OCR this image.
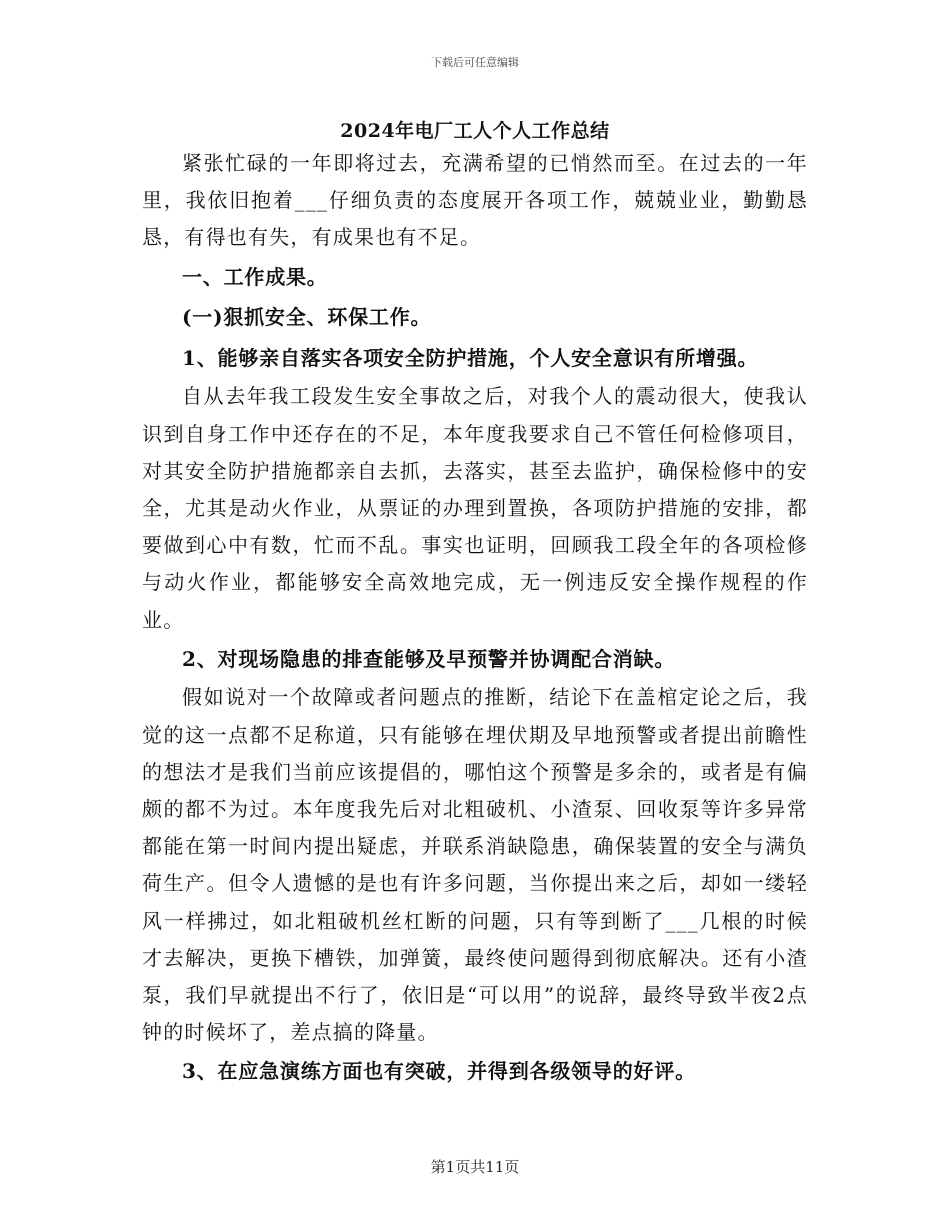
下载后可任意编辑
2024年电厂工人个人工作总结

紧张忙碌的一年即将过去，充满希望的已悄然而至。在过去的一年里，我依旧抱着___仔细负责的态度展开各项工作，兢兢业业，勤勤恳恳，有得也有失，有成果也有不足。

一、工作成果。

(一)狠抓安全、环保工作。

1、能够亲自落实各项安全防护措施，个人安全意识有所增强。

自从去年我工段发生安全事故之后，对我个人的震动很大，使我认识到自身工作中还存在的不足，本年度我要求自己不管任何检修项目，对其安全防护措施都亲自去抓，去落实，甚至去监护，确保检修中的安全，尤其是动火作业，从票证的办理到置换，各项防护措施的安排，都要做到心中有数，忙而不乱。事实也证明，回顾我工段全年的各项检修与动火作业，都能够安全高效地完成，无一例违反安全操作规程的作业。

2、对现场隐患的排查能够及早预警并协调配合消缺。

假如说对一个故障或者问题点的推断，结论下在盖棺定论之后，我觉的这一点都不足称道，只有能够在埋伏期及早地预警或者提出前瞻性的想法才是我们当前应该提倡的，哪怕这个预警是多余的，或者是有偏颇的都不为过。本年度我先后对北粗破机、小渣泵、回收泵等许多异常都能在第一时间内提出疑虑，并联系消缺隐患，确保装置的安全与满负荷生产。但令人遗憾的是也有许多问题，当你提出来之后，却如一缕轻风一样拂过，如北粗破机丝杠断的问题，只有等到断了___几根的时候才去解决，更换下槽铁，加弹簧，最终使问题得到彻底解决。还有小渣泵，我们早就提出不行了，依旧是“可以用”的说辞，最终导致半夜2点钟的时候坏了，差点搞的降量。

3、在应急演练方面也有突破，并得到各级领导的好评。

第1页共11页
